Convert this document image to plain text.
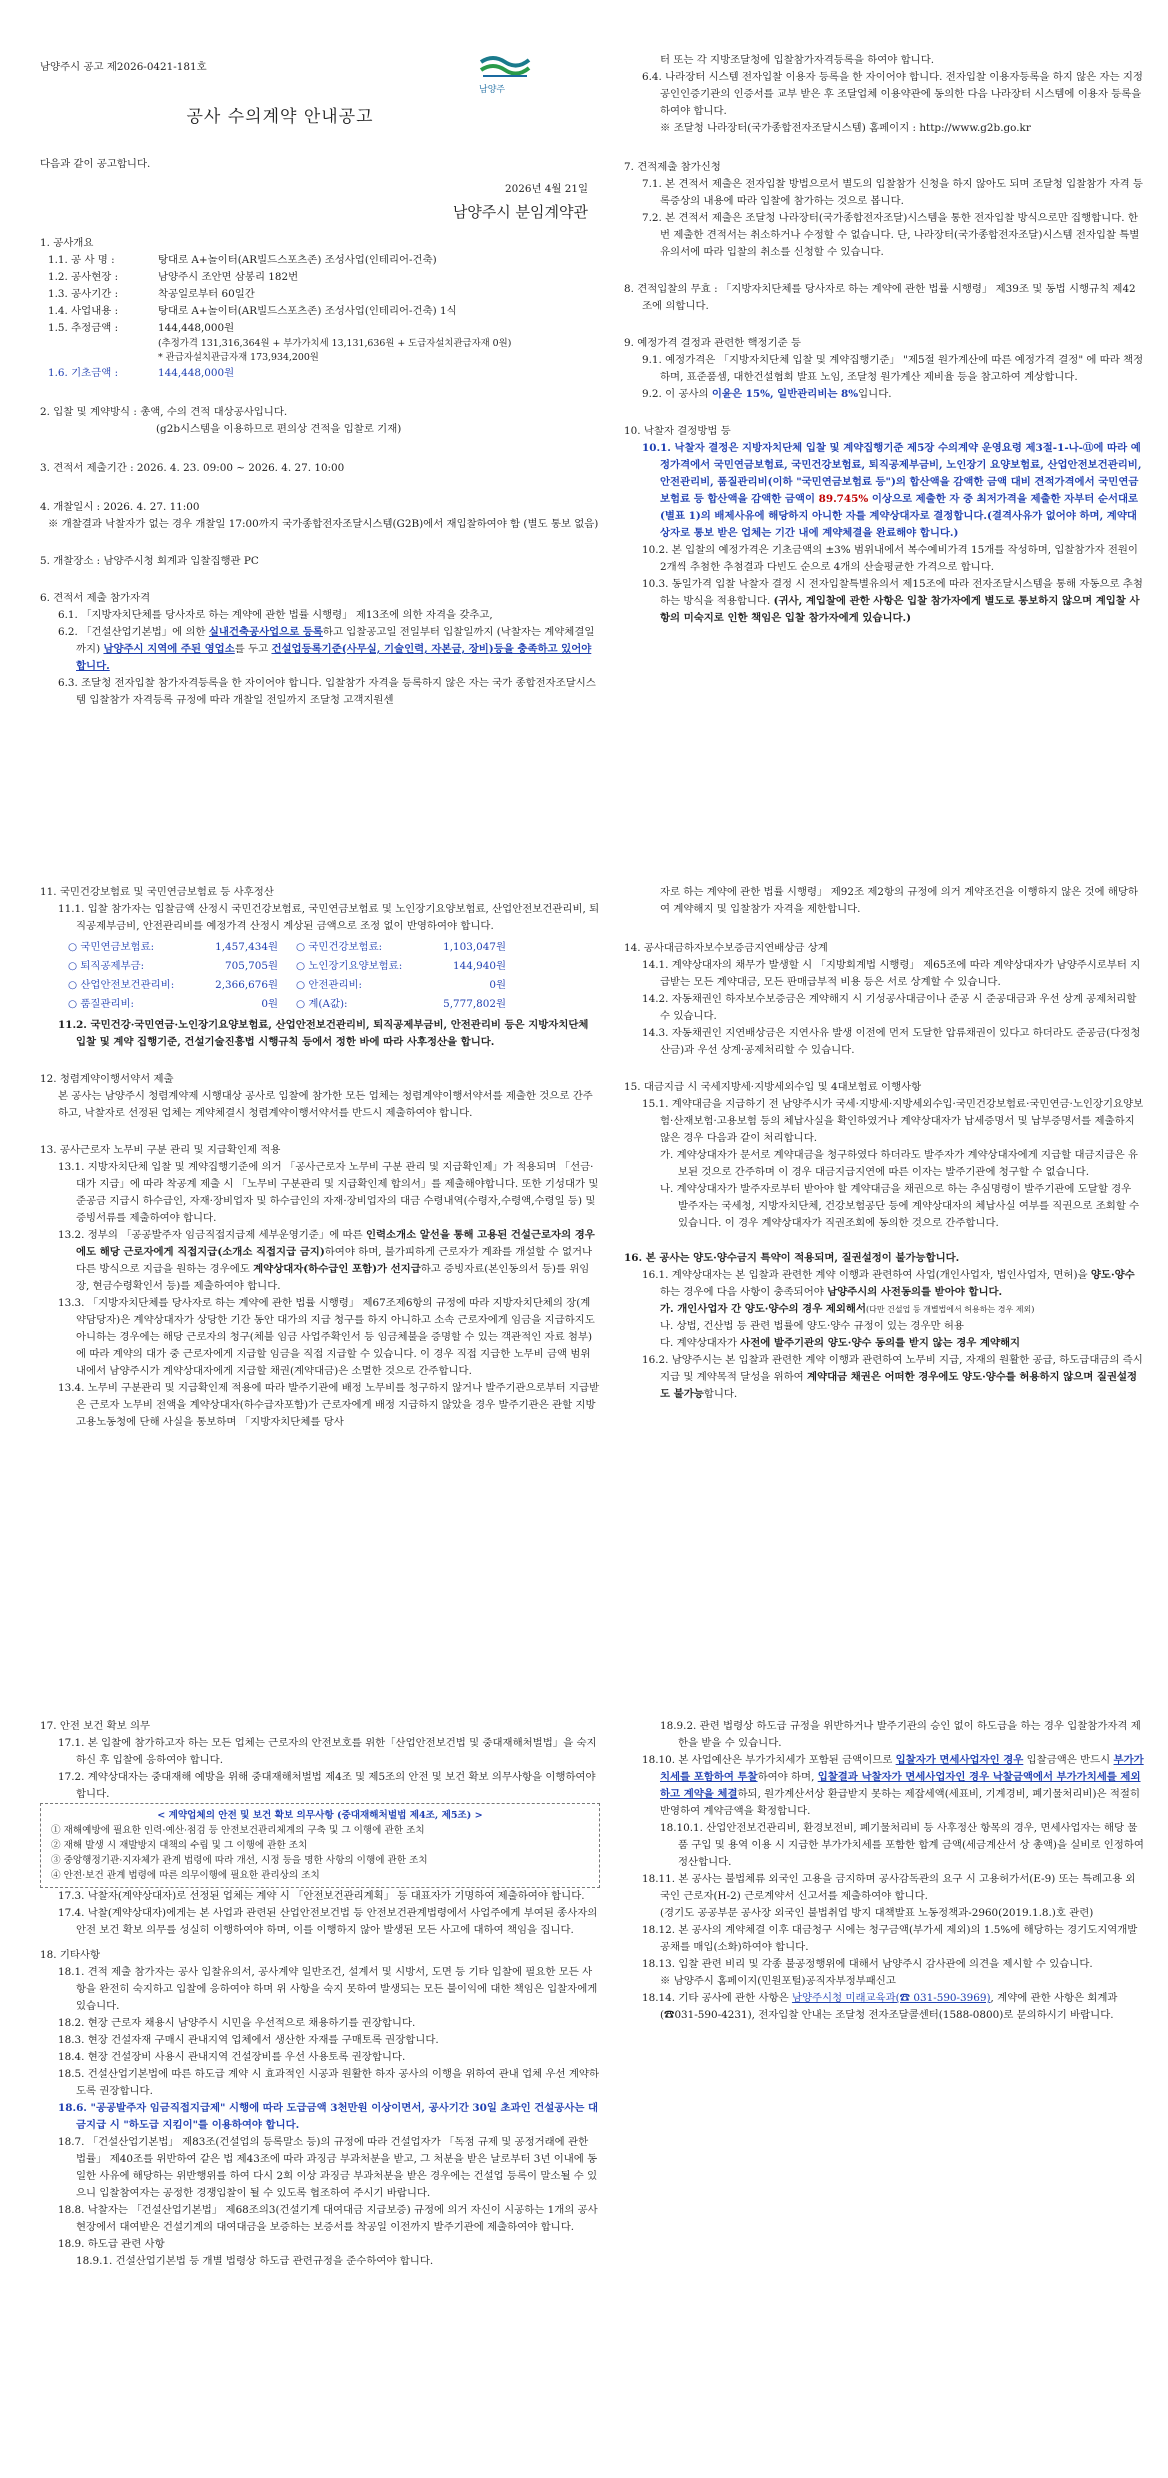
남양주시 공고 제2026-0421-181호
남양주
공사 수의계약 안내공고

다음과 같이 공고합니다.

2026년 4월 21일

남양주시 분임계약관

1. 공사개요

1.1. 공 사 명 :	탕대로 A+놀이터(AR빌드스포츠존) 조성사업(인테리어-건축)
1.2. 공사현장 :	남양주시 조안면 삼봉리 182번
1.3. 공사기간 :	착공일로부터 60일간
1.4. 사업내용 :	탕대로 A+놀이터(AR빌드스포츠존) 조성사업(인테리어-건축) 1식
1.5. 추정금액 :	144,448,000원
(추정가격 131,316,364원 + 부가가치세 13,131,636원 + 도급자설치관급자재 0원)
* 관급자설치관급자재 173,934,200원
1.6. 기초금액 :	144,448,000원

2. 입찰 및 계약방식 : 총액, 수의 견적 대상공사입니다.

(g2b시스템을 이용하므로 편의상 견적을 입찰로 기재)

3. 견적서 제출기간 : 2026. 4. 23. 09:00 ~ 2026. 4. 27. 10:00

4. 개찰일시 : 2026. 4. 27. 11:00

※ 개찰결과 낙찰자가 없는 경우 개찰일 17:00까지 국가종합전자조달시스템(G2B)에서 재입찰하여야 함 (별도 통보 없음)

5. 개찰장소 : 남양주시청 회계과 입찰집행관 PC

6. 견적서 제출 참가자격

6.1. 「지방자치단체를 당사자로 하는 계약에 관한 법률 시행령」 제13조에 의한 자격을 갖추고,

6.2. 「건설산업기본법」에 의한 실내건축공사업으로 등록하고 입찰공고일 전일부터 입찰일까지 (낙찰자는 계약체결일까지) 남양주시 지역에 주된 영업소를 두고 건설업등록기준(사무실, 기술인력, 자본금, 장비)등을 충족하고 있어야 합니다.

6.3. 조달청 전자입찰 참가자격등록을 한 자이어야 합니다. 입찰참가 자격을 등록하지 않은 자는 국가 종합전자조달시스템 입찰참가 자격등록 규정에 따라 개찰일 전일까지 조달청 고객지원센

터 또는 각 지방조달청에 입찰참가자격등록을 하여야 합니다.

6.4. 나라장터 시스템 전자입찰 이용자 등록을 한 자이어야 합니다. 전자입찰 이용자등록을 하지 않은 자는 지정 공인인증기관의 인증서를 교부 받은 후 조달업체 이용약관에 동의한 다음 나라장터 시스템에 이용자 등록을 하여야 합니다.

※ 조달청 나라장터(국가종합전자조달시스템) 홈페이지 : http://www.g2b.go.kr

7. 견적제출 참가신청

7.1. 본 견적서 제출은 전자입찰 방법으로서 별도의 입찰참가 신청을 하지 않아도 되며 조달청 입찰참가 자격 등록증상의 내용에 따라 입찰에 참가하는 것으로 봅니다.

7.2. 본 견적서 제출은 조달청 나라장터(국가종합전자조달)시스템을 통한 전자입찰 방식으로만 집행합니다. 한번 제출한 견적서는 취소하거나 수정할 수 없습니다. 단, 나라장터(국가종합전자조달)시스템 전자입찰 특별유의서에 따라 입찰의 취소를 신청할 수 있습니다.

8. 견적입찰의 무효 : 「지방자치단체를 당사자로 하는 계약에 관한 법률 시행령」 제39조 및 동법 시행규칙 제42조에 의합니다.

9. 예정가격 결정과 관련한 핵정기준 등

9.1. 예정가격은 「지방자치단체 입찰 및 계약집행기준」 "제5절 원가계산에 따른 예정가격 결정" 에 따라 책정하며, 표준품셈, 대한건설협회 발표 노임, 조달청 원가계산 제비율 등을 참고하여 계상합니다.

9.2. 이 공사의 이윤은 15%, 일반관리비는 8%입니다.

10. 낙찰자 결정방법 등

10.1. 낙찰자 결정은 지방자치단체 입찰 및 계약집행기준 제5장 수의계약 운영요령 제3절-1-나-⑪에 따라 예정가격에서 국민연금보험료, 국민건강보험료, 퇴직공제부금비, 노인장기 요양보험료, 산업안전보건관리비, 안전관리비, 품질관리비(이하 "국민연금보험료 등")의 합산액을 감액한 금액 대비 견적가격에서 국민연금보험료 등 합산액을 감액한 금액이 89.745% 이상으로 제출한 자 중 최저가격을 제출한 자부터 순서대로(별표 1)의 배제사유에 해당하지 아니한 자를 계약상대자로 결정합니다.(결격사유가 없어야 하며, 계약대상자로 통보 받은 업체는 기간 내에 계약체결을 완료해야 합니다.)

10.2. 본 입찰의 예정가격은 기초금액의 ±3% 범위내에서 복수예비가격 15개를 작성하며, 입찰참가자 전원이 2개씩 추첨한 추첨결과 다빈도 순으로 4개의 산술평균한 가격으로 합니다.

10.3. 동일가격 입찰 낙찰자 결정 시 전자입찰특별유의서 제15조에 따라 전자조달시스템을 통해 자동으로 추첨하는 방식을 적용합니다. (귀사, 계입찰에 관한 사항은 입찰 참가자에게 별도로 통보하지 않으며 계입찰 사항의 미숙지로 인한 책임은 입찰 참가자에게 있습니다.)

11. 국민건강보험료 및 국민연금보험료 등 사후정산

11.1. 입찰 참가자는 입찰금액 산정시 국민건강보험료, 국민연금보험료 및 노인장기요양보험료, 산업안전보건관리비, 퇴직공제부금비, 안전관리비를 예정가격 산정시 계상된 금액으로 조정 없이 반영하여야 합니다.

○ 국민연금보험료:	1,457,434원 ○ 국민건강보험료:	1,103,047원
○ 퇴직공제부금:	705,705원 ○ 노인장기요양보험료:	144,940원
○ 산업안전보건관리비:	2,366,676원 ○ 안전관리비:	0원
○ 품질관리비:	0원 ○ 계(A값):	5,777,802원

11.2. 국민건강·국민연금·노인장기요양보험료, 산업안전보건관리비, 퇴직공제부금비, 안전관리비 등은 지방자치단체 입찰 및 계약 집행기준, 건설기술진흥법 시행규칙 등에서 정한 바에 따라 사후정산을 합니다.

12. 청렴계약이행서약서 제출

본 공사는 남양주시 청렴계약제 시행대상 공사로 입찰에 참가한 모든 업체는 청렴계약이행서약서를 제출한 것으로 간주하고, 낙찰자로 선정된 업체는 계약체결시 청렴계약이행서약서를 반드시 제출하여야 합니다.

13. 공사근로자 노무비 구분 관리 및 지급확인제 적용

13.1. 지방자치단체 입찰 및 계약집행기준에 의거 「공사근로자 노무비 구분 관리 및 지급확인제」가 적용되며 「선금·대가 지급」에 따라 착공계 제출 시 「노무비 구분관리 및 지급확인제 합의서」를 제출해야합니다. 또한 기성대가 및 준공금 지급시 하수급인, 자재·장비업자 및 하수급인의 자재·장비업자의 대금 수령내역(수령자,수령액,수령일 등) 및 증빙서류를 제출하여야 합니다.

13.2. 정부의 「공공발주자 임금직접지급제 세부운영기준」에 따른 인력소개소 알선을 통해 고용된 건설근로자의 경우에도 해당 근로자에게 직접지급(소개소 직접지급 금지)하여야 하며, 불가피하게 근로자가 계좌를 개설할 수 없거나 다른 방식으로 지급을 원하는 경우에도 계약상대자(하수급인 포함)가 선지급하고 증빙자료(본인동의서 등)를 위임장, 현금수령확인서 등)를 제출하여야 합니다.

13.3. 「지방자치단체를 당사자로 하는 계약에 관한 법률 시행령」 제67조제6항의 규정에 따라 지방자치단체의 장(계약담당자)은 계약상대자가 상당한 기간 동안 대가의 지급 청구를 하지 아니하고 소속 근로자에게 임금을 지급하지도 아니하는 경우에는 해당 근로자의 청구(체불 임금 사업주확인서 등 임금체불을 증명할 수 있는 객관적인 자료 첨부)에 따라 계약의 대가 중 근로자에게 지급할 임금을 직접 지급할 수 있습니다. 이 경우 직접 지급한 노무비 금액 범위 내에서 남양주시가 계약상대자에게 지급할 채권(계약대금)은 소멸한 것으로 간주합니다.

13.4. 노무비 구분관리 및 지급확인제 적용에 따라 발주기관에 배정 노무비를 청구하지 않거나 발주기관으로부터 지급받은 근로자 노무비 전액을 계약상대자(하수급자포함)가 근로자에게 배정 지급하지 않았을 경우 발주기관은 관할 지방고용노동청에 단해 사실을 통보하며 「지방자치단체를 당사

자로 하는 계약에 관한 법률 시행령」 제92조 제2항의 규정에 의거 계약조건을 이행하지 않은 것에 해당하여 계약해지 및 입찰참가 자격을 제한합니다.

14. 공사대금하자보수보증금지연배상금 상계

14.1. 계약상대자의 채무가 발생할 시 「지방회계법 시행령」 제65조에 따라 계약상대자가 남양주시로부터 지급받는 모든 계약대금, 모든 판매급부적 비용 등은 서로 상계할 수 있습니다.

14.2. 자동채권인 하자보수보증금은 계약해지 시 기성공사대금이나 준공 시 준공대금과 우선 상계 공제처리할 수 있습니다.

14.3. 자동채권인 지연배상금은 지연사유 발생 이전에 먼저 도달한 압류채권이 있다고 하더라도 준공금(다정청산금)과 우선 상계·공제처리할 수 있습니다.

15. 대금지급 시 국세지방세·지방세외수입 및 4대보험료 이행사항

15.1. 계약대금을 지급하기 전 남양주시가 국세·지방세·지방세외수입·국민건강보험료·국민연금·노인장기요양보험·산재보험·고용보험 등의 체납사실을 확인하였거나 계약상대자가 납세증명서 및 납부증명서를 제출하지 않은 경우 다음과 같이 처리합니다.

가. 계약상대자가 문서로 계약대금을 청구하였다 하더라도 발주자가 계약상대자에게 지급할 대금지급은 유보된 것으로 간주하며 이 경우 대금지급지연에 따른 이자는 발주기관에 청구할 수 없습니다.

나. 계약상대자가 발주자로부터 받아야 할 계약대금을 채권으로 하는 추심명령이 발주기관에 도달할 경우 발주자는 국세청, 지방자치단체, 건강보험공단 등에 계약상대자의 체납사실 여부를 직권으로 조회할 수 있습니다. 이 경우 계약상대자가 직권조회에 동의한 것으로 간주합니다.

16. 본 공사는 양도·양수금지 특약이 적용되며, 질권설정이 불가능합니다.

16.1. 계약상대자는 본 입찰과 관련한 계약 이행과 관련하여 사업(개인사업자, 법인사업자, 면허)을 양도·양수하는 경우에 다음 사항이 충족되어야 남양주시의 사전동의를 받아야 합니다.

가. 개인사업자 간 양도·양수의 경우 제외해서(다만 건설업 등 개별법에서 허용하는 경우 제외)

나. 상법, 건산법 등 관련 법률에 양도·양수 규정이 있는 경우만 허용

다. 계약상대자가 사전에 발주기관의 양도·양수 동의를 받지 않는 경우 계약해지

16.2. 남양주시는 본 입찰과 관련한 계약 이행과 관련하여 노무비 지급, 자재의 원활한 공급, 하도급대금의 즉시 지급 및 계약목적 달성을 위하여 계약대금 채권은 어떠한 경우에도 양도·양수를 허용하지 않으며 질권설정도 불가능합니다.

17. 안전 보건 확보 의무

17.1. 본 입찰에 참가하고자 하는 모든 업체는 근로자의 안전보호를 위한「산업안전보건법 및 중대재해처벌법」을 숙지하신 후 입찰에 응하여야 합니다.

17.2. 계약상대자는 중대재해 예방을 위해 중대재해처벌법 제4조 및 제5조의 안전 및 보건 확보 의무사항을 이행하여야 합니다.

< 계약업체의 안전 및 보건 확보 의무사항 (중대재해처벌법 제4조, 제5조) >
① 재해예방에 필요한 인력·예산·점검 등 안전보건관리체계의 구축 및 그 이행에 관한 조치
② 재해 발생 시 재발방지 대책의 수립 및 그 이행에 관한 조치
③ 중앙행정기관·지자체가 관계 법령에 따라 개선, 시정 등을 명한 사항의 이행에 관한 조치
④ 안전·보건 관계 법령에 따른 의무이행에 필요한 관리상의 조치

17.3. 낙찰자(계약상대자)로 선정된 업체는 계약 시 「안전보건관리계획」 등 대표자가 기명하여 제출하여야 합니다.

17.4. 낙찰(계약상대자)에게는 본 사업과 관련된 산업안전보건법 등 안전보건관계법령에서 사업주에게 부여된 종사자의 안전 보건 확보 의무를 성실히 이행하여야 하며, 이를 이행하지 않아 발생된 모든 사고에 대하여 책임을 집니다.

18. 기타사항

18.1. 견적 제출 참가자는 공사 입찰유의서, 공사계약 일반조건, 설계서 및 시방서, 도면 등 기타 입찰에 필요한 모든 사항을 완전히 숙지하고 입찰에 응하여야 하며 위 사항을 숙지 못하여 발생되는 모든 불이익에 대한 책임은 입찰자에게 있습니다.

18.2. 현장 근로자 채용시 남양주시 시민을 우선적으로 채용하기를 권장합니다.

18.3. 현장 건설자재 구매시 관내지역 업체에서 생산한 자재를 구매토록 권장합니다.

18.4. 현장 건설장비 사용시 관내지역 건설장비를 우선 사용토록 권장합니다.

18.5. 건설산업기본법에 따른 하도급 계약 시 효과적인 시공과 원활한 하자 공사의 이행을 위하여 관내 업체 우선 계약하도록 권장합니다.

18.6. "공공발주자 임금직접지급제" 시행에 따라 도급금액 3천만원 이상이면서, 공사기간 30일 초과인 건설공사는 대금지급 시 "하도급 지킴이"를 이용하여야 합니다.

18.7. 「건설산업기본법」 제83조(건설업의 등록말소 등)의 규정에 따라 건설업자가 「독점 규제 및 공정거래에 관한 법률」 제40조를 위반하여 같은 법 제43조에 따라 과징금 부과처분을 받고, 그 처분을 받은 날로부터 3년 이내에 동일한 사유에 해당하는 위반행위를 하여 다시 2회 이상 과징금 부과처분을 받은 경우에는 건설업 등록이 말소될 수 있으니 입찰참여자는 공정한 경쟁입찰이 될 수 있도록 협조하여 주시기 바랍니다.

18.8. 낙찰자는 「건설산업기본법」 제68조의3(건설기계 대여대금 지급보증) 규정에 의거 자신이 시공하는 1개의 공사현장에서 대여받은 건설기계의 대여대금을 보증하는 보증서를 착공일 이전까지 발주기관에 제출하여야 합니다.

18.9. 하도급 관련 사항

18.9.1. 건설산업기본법 등 개별 법령상 하도급 관련규정을 준수하여야 합니다.

18.9.2. 관련 법령상 하도급 규정을 위반하거나 발주기관의 승인 없이 하도급을 하는 경우 입찰참가자격 제한을 받을 수 있습니다.

18.10. 본 사업예산은 부가가치세가 포함된 금액이므로 입찰자가 면세사업자인 경우 입찰금액은 반드시 부가가치세를 포함하여 투찰하여야 하며, 입찰결과 낙찰자가 면세사업자인 경우 낙찰금액에서 부가가치세를 제외하고 계약을 체결하되, 원가계산서상 환급받지 못하는 제잡세액(세표비, 기계경비, 폐기물처리비)은 적절히 반영하여 계약금액을 확정합니다.

18.10.1. 산업안전보건관리비, 환경보전비, 폐기물처리비 등 사후정산 항목의 경우, 면세사업자는 해당 물품 구입 및 용역 이용 시 지급한 부가가치세를 포함한 합계 금액(세금계산서 상 총액)을 실비로 인정하여 정산합니다.

18.11. 본 공사는 불법체류 외국인 고용을 금지하며 공사감독관의 요구 시 고용허가서(E-9) 또는 특례고용 외국인 근로자(H-2) 근로계약서 신고서를 제출하여야 합니다.

(경기도 공공부문 공사장 외국인 불법취업 방지 대책발표 노동정책과-2960(2019.1.8.)호 관련)

18.12. 본 공사의 계약체결 이후 대금청구 시에는 청구금액(부가세 제외)의 1.5%에 해당하는 경기도지역개발공채를 매입(소화)하여야 합니다.

18.13. 입찰 관련 비리 및 각종 불공정행위에 대해서 남양주시 감사관에 의견을 제시할 수 있습니다.

※ 남양주시 홈페이지(민원포털)공직자부정부패신고

18.14. 기타 공사에 관한 사항은 남양주시청 미래교육과(☎ 031-590-3969), 계약에 관한 사항은 회계과(☎031-590-4231), 전자입찰 안내는 조달청 전자조달콜센터(1588-0800)로 문의하시기 바랍니다.
